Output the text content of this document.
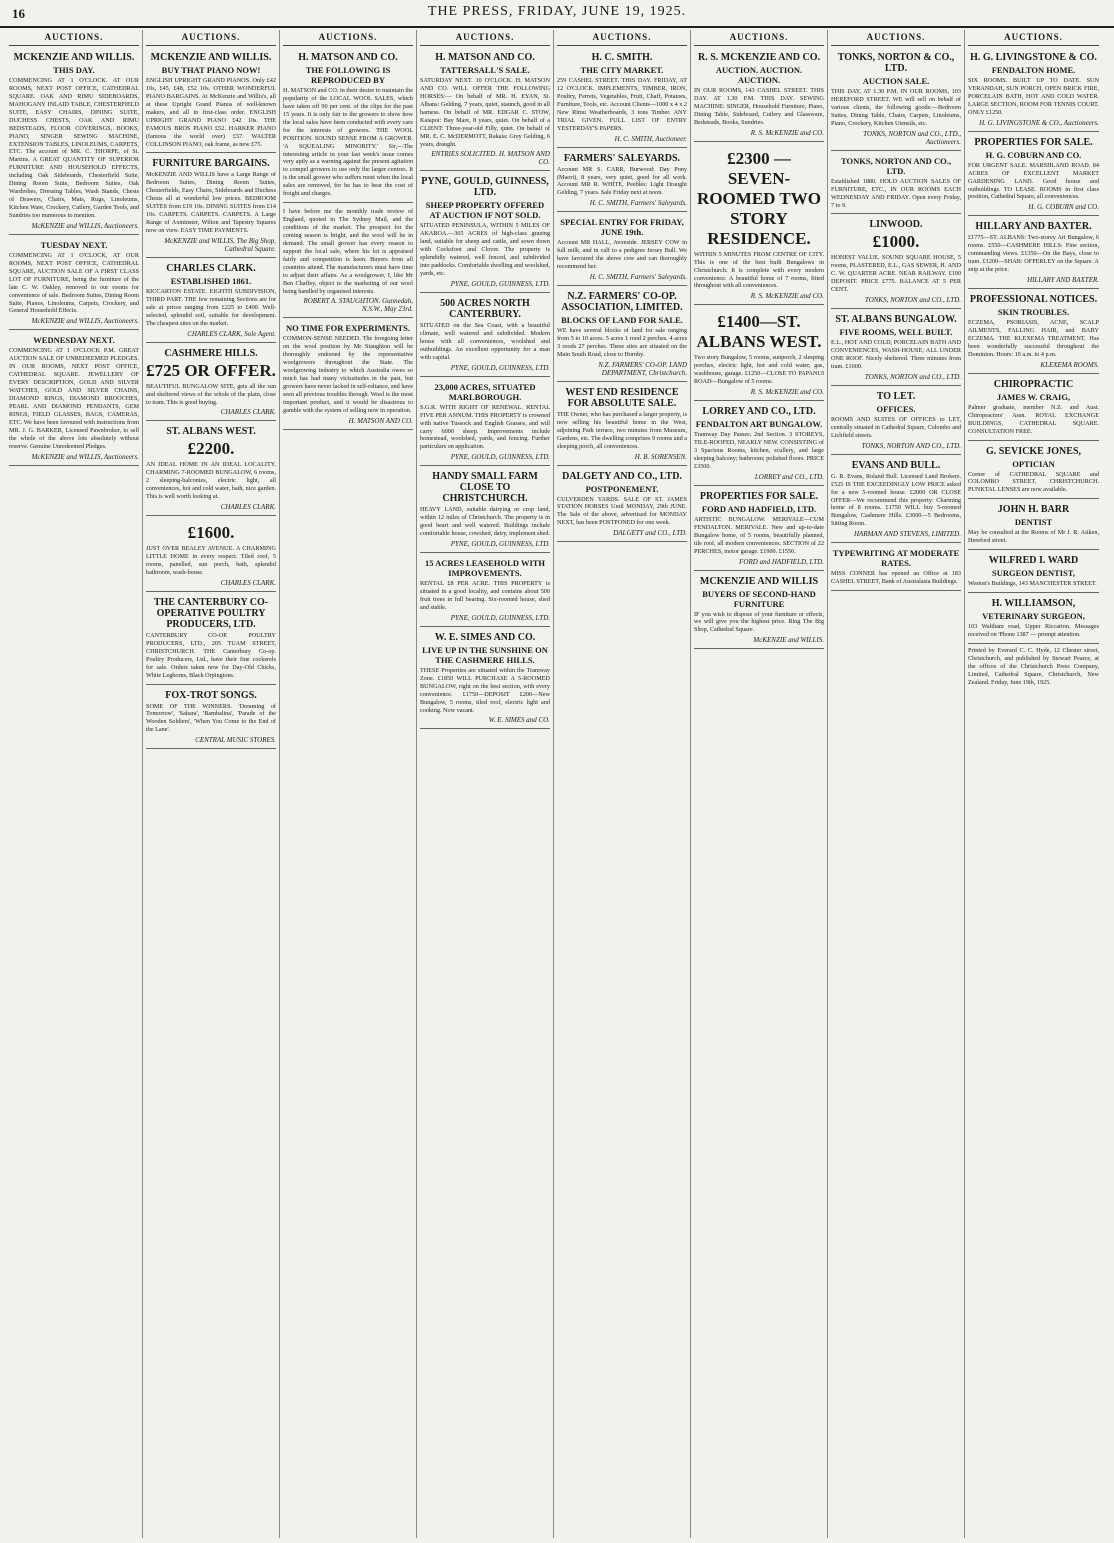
16	THE PRESS, FRIDAY, JUNE 19, 1925.
AUCTIONS.
MCKENZIE AND WILLIS.
THIS DAY.
COMMENCING AT 1 O'CLOCK. AT OUR ROOMS, NEXT POST OFFICE, CATHEDRAL SQUARE. OAK AND RIMU SIDEBOARDS, MAHOGANY INLAID TABLE, CHESTERFIELD SUITE, EASY CHAIRS, DINING SUITE, DUCHESS CHESTS, OAK AND RIMU BEDSTEADS, FLOOR COVERINGS, BOOKS, PIANO, SINGER SEWING MACHINE, EXTENSION TABLES, LINOLEUMS, CARPETS, ETC. The account of MR. C. THORPE, of St. Martins. A GREAT QUANTITY OF SUPERIOR FURNITURE AND HOUSEHOLD EFFECTS, including Oak Sideboards, Chesterfield Suite, Dining Room Suite, Bedroom Suites, Oak Wardrobes, Dressing Tables, Wash Stands, Chests of Drawers, Chairs, Mats, Rugs, Linoleums, Kitchen Ware, Crockery, Cutlery, Garden Tools, and Sundries too numerous to mention.
McKENZIE and WILLIS, Auctioneers.
TUESDAY NEXT.
COMMENCING AT 1 O'CLOCK, AT OUR ROOMS, NEXT POST OFFICE, CATHEDRAL SQUARE, AUCTION SALE OF A FIRST CLASS LOT OF FURNITURE, being the furniture of the late C. W. Oakley, removed to our rooms for convenience of sale. Bedroom Suites, Dining Room Suite, Pianos, Linoleums, Carpets, Crockery, and General Household Effects.
McKENZIE and WILLIS, Auctioneers.
WEDNESDAY NEXT.
COMMENCING AT 1 O'CLOCK P.M. GREAT AUCTION SALE OF UNREDEEMED PLEDGES. IN OUR ROOMS, NEXT POST OFFICE, CATHEDRAL SQUARE. JEWELLERY OF EVERY DESCRIPTION, GOLD AND SILVER WATCHES, GOLD AND SILVER CHAINS, DIAMOND RINGS, DIAMOND BROOCHES, PEARL AND DIAMOND PENDANTS, GEM RINGS, FIELD GLASSES, BAGS, CAMERAS, ETC. We have been favoured with instructions from MR. J. G. BARKER, Licensed Pawnbroker, to sell the whole of the above lots absolutely without reserve. Genuine Unredeemed Pledges.
McKENZIE and WILLIS, Auctioneers.
AUCTIONS.
MCKENZIE AND WILLIS.
BUY THAT PIANO NOW!
ENGLISH UPRIGHT GRAND PIANOS. Only £42 10s, £45, £48, £52 10s. OTHER WONDERFUL PIANO BARGAINS. At McKenzie and Willis's, all at these Upright Grand Pianos of well-known makers, and all in first-class order. ENGLISH UPRIGHT GRAND PIANO £42 10s. THE FAMOUS BROS PIANO £52. HARKER PIANO (famous the world over) £57. WALTER COLLINSON PIANO, oak frame, as new £75.
FURNITURE BARGAINS.
McKENZIE AND WILLIS have a Large Range of Bedroom Suites, Dining Room Suites, Chesterfields, Easy Chairs, Sideboards and Duchess Chests all at wonderful low prices. BEDROOM SUITES from £19 10s. DINING SUITES from £14 10s. CARPETS. CARPETS. CARPETS. A Large Range of Axminster, Wilton and Tapestry Squares now on view. EASY TIME PAYMENTS.
McKENZIE and WILLIS, The Big Shop, Cathedral Square.
CHARLES CLARK.
ESTABLISHED 1861.
RICCARTON ESTATE. EIGHTH SUBDIVISION, THIRD PART. THE few remaining Sections are for sale at prices ranging from £225 to £400. Well-selected, splendid soil, suitable for development. The cheapest sites on the market.
CHARLES CLARK, Sole Agent.
CASHMERE HILLS.
£725 OR OFFER.
BEAUTIFUL BUNGALOW SITE, gets all the sun and sheltered views of the whole of the plain, close to tram. This is good buying.
CHARLES CLARK.
ST. ALBANS WEST.
£2200.
AN IDEAL HOME IN AN IDEAL LOCALITY. CHARMING 7-ROOMED BUNGALOW, 6 rooms, 2 sleeping-balconies, electric light, all conveniences, hot and cold water, bath, nice garden. This is well worth looking at.
CHARLES CLARK.
£1600.
JUST OVER BEALEY AVENUE. A CHARMING LITTLE HOME in every respect. Tiled roof, 5 rooms, panelled, sun porch, bath, splendid bathroom, wash-house.
CHARLES CLARK.
THE CANTERBURY CO-OPERATIVE POULTRY PRODUCERS, LTD.
CANTERBURY CO-OP. POULTRY PRODUCERS, LTD., 205 TUAM STREET, CHRISTCHURCH. THE Canterbury Co-op. Poultry Producers, Ltd., have their fine cockerels for sale. Orders taken now for Day-Old Chicks, White Leghorns, Black Orpingtons.
FOX-TROT SONGS.
SOME OF THE WINNERS. 'Dreaming of Tomorrow', 'Sahara', 'Bambalina', 'Parade of the Wooden Soldiers', 'When You Come to the End of the Lane'.
CENTRAL MUSIC STORES.
AUCTIONS.
H. MATSON AND CO.
THE FOLLOWING IS REPRODUCED BY
H. MATSON and CO. in their desire to maintain the popularity of the LOCAL WOOL SALES, which have taken off 90 per cent. of the clips for the past 15 years. It is only fair to the growers to show how the local sales have been conducted with every care for the interests of growers. THE WOOL POSITION. SOUND SENSE FROM A GROWER. 'A SQUEALING MINORITY.' Sir,—The interesting article in your last week's issue comes very aptly as a warning against the present agitation to compel growers to use only the larger centres. It is the small grower who suffers most when the local sales are removed, for he has to bear the cost of freight and charges.
I have before me the monthly trade review of England, quoted in The Sydney Mail, and the conditions of the market. The prospect for the coming season is bright, and the wool will be in demand. The small grower has every reason to support the local sale, where his lot is appraised fairly and competition is keen. Buyers from all countries attend. The manufacturers must have time to adjust their affairs. As a woolgrower, I, like Mr Ben Chaffey, object to the marketing of our wool being handled by organised interests.
ROBERT A. STAUGHTON. Gunnedah, N.S.W., May 23rd.
NO TIME FOR EXPERIMENTS.
COMMON-SENSE NEEDED. The foregoing letter on the wool position by Mr Staughton will be thoroughly endorsed by the representative woolgrowers throughout the State. The woolgrowing industry to which Australia owes so much has had many vicissitudes in the past, but growers have never lacked in self-reliance, and have seen all previous troubles through. Wool is the most important product, and it would be disastrous to gamble with the system of selling now in operation.
H. MATSON AND CO.
AUCTIONS.
H. MATSON AND CO.
TATTERSALL'S SALE.
SATURDAY NEXT. 10 O'CLOCK. H. MATSON AND CO. WILL OFFER THE FOLLOWING HORSES:— On behalf of MR. H. EYAN, St. Albans: Gelding, 7 years, quiet, staunch, good in all harness. On behalf of MR. EDGAR C. STOW, Kaiapoi: Bay Mare, 8 years, quiet. On behalf of a CLIENT: Three-year-old Filly, quiet. On behalf of MR. E. C. McDERMOTT, Rakaia: Grey Gelding, 6 years, draught.
ENTRIES SOLICITED. H. MATSON AND CO.
PYNE, GOULD, GUINNESS, LTD.
SHEEP PROPERTY OFFERED AT AUCTION IF NOT SOLD.
SITUATED PENINSULA, WITHIN 5 MILES OF AKAROA.—365 ACRES of high-class grazing land, suitable for sheep and cattle, and sown down with Cocksfoot and Clover. The property is splendidly watered, well fenced, and subdivided into paddocks. Comfortable dwelling and woolshed, yards, etc.
PYNE, GOULD, GUINNESS, LTD.
500 ACRES NORTH CANTERBURY.
SITUATED on the Sea Coast, with a beautiful climate, well watered and subdivided. Modern house with all conveniences, woolshed and outbuildings. An excellent opportunity for a man with capital.
PYNE, GOULD, GUINNESS, LTD.
23,000 ACRES, SITUATED MARLBOROUGH.
S.G.R. WITH RIGHT OF RENEWAL. RENTAL FIVE PER ANNUM. THIS PROPERTY is crowned with native Tussock and English Grasses, and will carry 6000 sheep. Improvements include homestead, woolshed, yards, and fencing. Further particulars on application.
PYNE, GOULD, GUINNESS, LTD.
HANDY SMALL FARM CLOSE TO CHRISTCHURCH.
HEAVY LAND, suitable dairying or crop land, within 12 miles of Christchurch. The property is in good heart and well watered. Buildings include comfortable house, cowshed, dairy, implement shed.
PYNE, GOULD, GUINNESS, LTD.
15 ACRES LEASEHOLD WITH IMPROVEMENTS.
RENTAL £8 PER ACRE. THIS PROPERTY is situated in a good locality, and contains about 500 fruit trees in full bearing. Six-roomed house, shed and stable.
PYNE, GOULD, GUINNESS, LTD.
W. E. SIMES AND CO.
LIVE UP IN THE SUNSHINE ON THE CASHMERE HILLS.
THESE Properties are situated within the Tramway Zone. £1850 WILL PURCHASE A 5-ROOMED BUNGALOW, right on the best section, with every convenience. £1750—DEPOSIT £200—New Bungalow, 5 rooms, tiled roof, electric light and cooking. Now vacant.
W. E. SIMES and CO.
AUCTIONS.
H. C. SMITH.
THE CITY MARKET.
259 CASHEL STREET. THIS DAY. FRIDAY, AT 12 O'CLOCK. IMPLEMENTS, TIMBER, IRON, Poultry, Ferrets, Vegetables, Fruit, Chaff, Potatoes, Furniture, Tools, etc. Account Clients—1000 x 4 x 2 New Rimu Weatherboards, 3 tons Timber. ANY TRIAL GIVEN. FULL LIST OF ENTRY YESTERDAY'S PAPERS.
H. C. SMITH, Auctioneer.
FARMERS' SALEYARDS.
Account MR S. CARR, Burwood: Day Pony (Maori), 8 years, very quiet, good for all work. Account MR R. WHITE, Peebles: Light Draught Gelding, 7 years. Sale Friday next at noon.
H. C. SMITH, Farmers' Saleyards.
SPECIAL ENTRY FOR FRIDAY, JUNE 19th.
Account MR HALL, Avonside. JERSEY COW in full milk, and in calf to a pedigree Jersey Bull. We have favoured the above cow and can thoroughly recommend her.
H. C. SMITH, Farmers' Saleyards.
N.Z. FARMERS' CO-OP. ASSOCIATION, LIMITED.
BLOCKS OF LAND FOR SALE.
WE have several blocks of land for sale ranging from 5 to 10 acres. 5 acres 1 rood 2 perches. 4 acres 3 roods 27 perches. These sites are situated on the Main South Road, close to Hornby.
N.Z. FARMERS' CO-OP. LAND DEPARTMENT, Christchurch.
WEST END RESIDENCE FOR ABSOLUTE SALE.
THE Owner, who has purchased a larger property, is now selling his beautiful home in the West, adjoining Park terrace, two minutes from Museum, Gardens, etc. The dwelling comprises 9 rooms and a sleeping porch, all conveniences.
H. B. SORENSEN.
DALGETY AND CO., LTD.
POSTPONEMENT.
CULVERDEN YARDS. SALE OF ST. JAMES STATION HORSES Until MONDAY, 29th JUNE. The Sale of the above, advertised for MONDAY NEXT, has been POSTPONED for one week.
DALGETY and CO., LTD.
AUCTIONS.
R. S. MCKENZIE AND CO.
AUCTION. AUCTION. AUCTION.
IN OUR ROOMS, 143 CASHEL STREET. THIS DAY. AT 1.30 P.M. THIS DAY. SEWING MACHINE: SINGER, Household Furniture, Piano, Dining Table, Sideboard, Cutlery and Glassware, Bedsteads, Books, Sundries.
R. S. McKENZIE and CO.
£2300 — SEVEN-ROOMED TWO STORY RESIDENCE.
WITHIN 5 MINUTES FROM CENTRE OF CITY. This is one of the best built Bungalows in Christchurch. It is complete with every modern convenience. A beautiful home of 7 rooms, fitted throughout with all conveniences.
R. S. McKENZIE and CO.
£1400—ST. ALBANS WEST.
Two story Bungalow, 5 rooms, sunporch, 2 sleeping porches, electric light, hot and cold water, gas, washhouse, garage. £1250—CLOSE TO PAPANUI ROAD—Bungalow of 5 rooms.
R. S. McKENZIE and CO.
LORREY AND CO., LTD.
FENDALTON ART BUNGALOW.
Tramway Day Passes; 2nd Section. 3 STOREYS, TILE-ROOFED, NEARLY NEW. CONSISTING of 3 Spacious Rooms, kitchen, scullery, and large sleeping balcony; bathroom; polished floors. PRICE £3500.
LORREY and CO., LTD.
PROPERTIES FOR SALE.
FORD AND HADFIELD, LTD.
ARTISTIC BUNGALOW. MERIVALE—CUM FENDALTON. MERIVALE. New and up-to-date Bungalow home, of 5 rooms, beautifully planned, tile roof, all modern conveniences. SECTION of 22 PERCHES, motor garage. £1900. £1550.
FORD and HADFIELD, LTD.
MCKENZIE AND WILLIS
BUYERS OF SECOND-HAND FURNITURE
IF you wish to dispose of your furniture or effects, we will give you the highest price. Ring The Big Shop, Cathedral Square.
McKENZIE and WILLIS.
AUCTIONS.
TONKS, NORTON & CO., LTD.
AUCTION SALE.
THIS DAY, AT 1.30 P.M. IN OUR ROOMS, 103 HEREFORD STREET. WE will sell on behalf of various clients, the following goods:—Bedroom Suites, Dining Table, Chairs, Carpets, Linoleums, Piano, Crockery, Kitchen Utensils, etc.
TONKS, NORTON and CO., LTD., Auctioneers.
TONKS, NORTON AND CO., LTD.
Established 1880. HOLD AUCTION SALES OF FURNITURE, ETC., IN OUR ROOMS EACH WEDNESDAY AND FRIDAY. Open every Friday, 7 to 9.
LINWOOD.
£1000.
HONEST VALUE. SOUND SQUARE HOUSE, 5 rooms, PLASTERED, E.L., GAS SEWER, H. AND C. W. QUARTER ACRE. NEAR RAILWAY. £100 DEPOSIT. PRICE £775. BALANCE AT 5 PER CENT.
TONKS, NORTON and CO., LTD.
ST. ALBANS BUNGALOW.
FIVE ROOMS, WELL BUILT.
E.L., HOT AND COLD, PORCELAIN BATH AND CONVENIENCES, WASH-HOUSE; ALL UNDER ONE ROOF. Nicely sheltered. Three minutes from tram. £1000.
TONKS, NORTON and CO., LTD.
TO LET.
OFFICES.
ROOMS AND SUITES OF OFFICES to LET, centrally situated in Cathedral Square, Colombo and Lichfield streets.
TONKS, NORTON AND CO., LTD.
EVANS AND BULL.
G. R. Evans, Roland Bull. Licensed Land Brokers. £525 IS THE EXCEEDINGLY LOW PRICE asked for a new 5-roomed house. £2000 OR CLOSE OFFER—We recommend this property: Charming home of 8 rooms. £1750 WILL buy 5-roomed Bungalow, Cashmere Hills. £3000—5 Bedrooms, Sitting Room.
HARMAN AND STEVENS, LIMITED.
TYPEWRITING AT MODERATE RATES.
MISS CONNER has opened an Office at 183 CASHEL STREET, Bank of Australasia Buildings.
AUCTIONS.
H. G. LIVINGSTONE & CO.
FENDALTON HOME.
SIX ROOMS. BUILT UP TO DATE. SUN VERANDAH, SUN PORCH, OPEN BRICK FIRE, PORCELAIN BATH, HOT AND COLD WATER. LARGE SECTION, ROOM FOR TENNIS COURT. ONLY £1250.
H. G. LIVINGSTONE & CO., Auctioneers.
PROPERTIES FOR SALE.
H. G. COBURN AND CO.
FOR URGENT SALE. MARSHLAND ROAD. 84 ACRES OF EXCELLENT MARKET GARDENING LAND. Good house and outbuildings. TO LEASE. ROOMS in first class position, Cathedral Square, all conveniences.
H. G. COBURN and CO.
HILLARY AND BAXTER.
£1775—ST. ALBANS: Two-storey Art Bungalow, 6 rooms. £550—CASHMERE HILLS: Fine section, commanding views. £1350—On the Bays, close to tram. £1200—SHAB: OFFERLEY on the Square. A snip at the price.
HILLARY AND BAXTER.
PROFESSIONAL NOTICES.
SKIN TROUBLES.
ECZEMA, PSORIASIS, ACNE, SCALP AILMENTS, FALLING HAIR, and BABY ECZEMA. THE KLEXEMA TREATMENT. Has been wonderfully successful throughout the Dominion. Hours: 10 a.m. to 4 p.m.
KLEXEMA ROOMS.
CHIROPRACTIC
JAMES W. CRAIG,
Palmer graduate, member N.Z. and Aust. Chiropractors' Assn. ROYAL EXCHANGE BUILDINGS, CATHEDRAL SQUARE. CONSULTATION FREE.
G. SEVICKE JONES,
OPTICIAN
Corner of CATHEDRAL SQUARE and COLOMBO STREET, CHRISTCHURCH. PUNKTAL LENSES are now available.
JOHN H. BARR
DENTIST
May be consulted at the Rooms of Mr J. R. Aitken, Hereford street.
WILFRED I. WARD
SURGEON DENTIST,
Weston's Buildings, 143 MANCHESTER STREET.
H. WILLIAMSON,
VETERINARY SURGEON,
103 Waltham road, Upper Riccarton. Messages received on 'Phone 1387 — prompt attention.
Printed by Everard C. C. Hyde, 12 Chester street, Christchurch, and published by Stewart Pearce, at the offices of the Christchurch Press Company, Limited, Cathedral Square, Christchurch, New Zealand. Friday, June 19th, 1925.
